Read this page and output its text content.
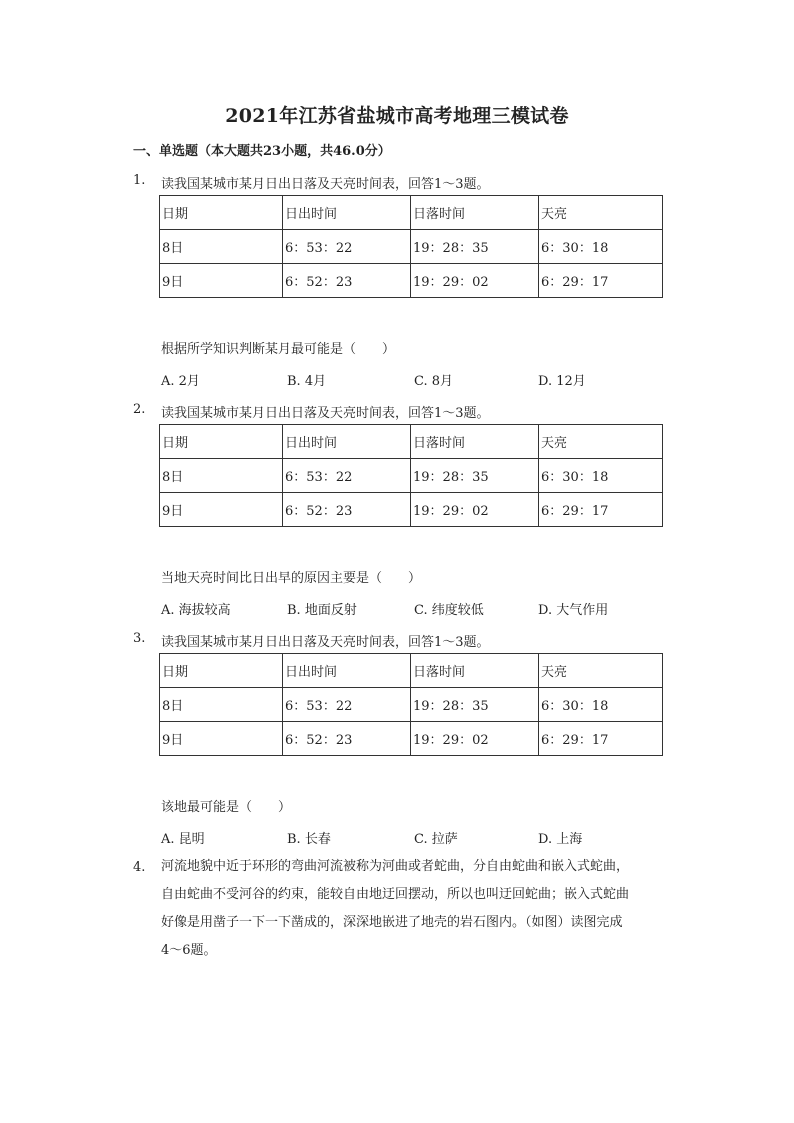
2021年江苏省盐城市高考地理三模试卷
一、单选题（本大题共23小题，共46.0分）
1. 读我国某城市某月日出日落及天亮时间表，回答1～3题。
日期	日出时间	日落时间	天亮
8日	6：53：22	19：28：35	6：30：18
9日	6：52：23	19：29：02	6：29：17
根据所学知识判断某月最可能是（　　）
A. 2月	B. 4月	C. 8月	D. 12月
2. 读我国某城市某月日出日落及天亮时间表，回答1～3题。
日期	日出时间	日落时间	天亮
8日	6：53：22	19：28：35	6：30：18
9日	6：52：23	19：29：02	6：29：17
当地天亮时间比日出早的原因主要是（　　）
A. 海拔较高	B. 地面反射	C. 纬度较低	D. 大气作用
3. 读我国某城市某月日出日落及天亮时间表，回答1～3题。
日期	日出时间	日落时间	天亮
8日	6：53：22	19：28：35	6：30：18
9日	6：52：23	19：29：02	6：29：17
该地最可能是（　　）
A. 昆明	B. 长春	C. 拉萨	D. 上海
4. 河流地貌中近于环形的弯曲河流被称为河曲或者蛇曲，分自由蛇曲和嵌入式蛇曲，
自由蛇曲不受河谷的约束，能较自由地迂回摆动，所以也叫迂回蛇曲；嵌入式蛇曲
好像是用凿子一下一下凿成的，深深地嵌进了地壳的岩石图内。（如图）读图完成
4～6题。
